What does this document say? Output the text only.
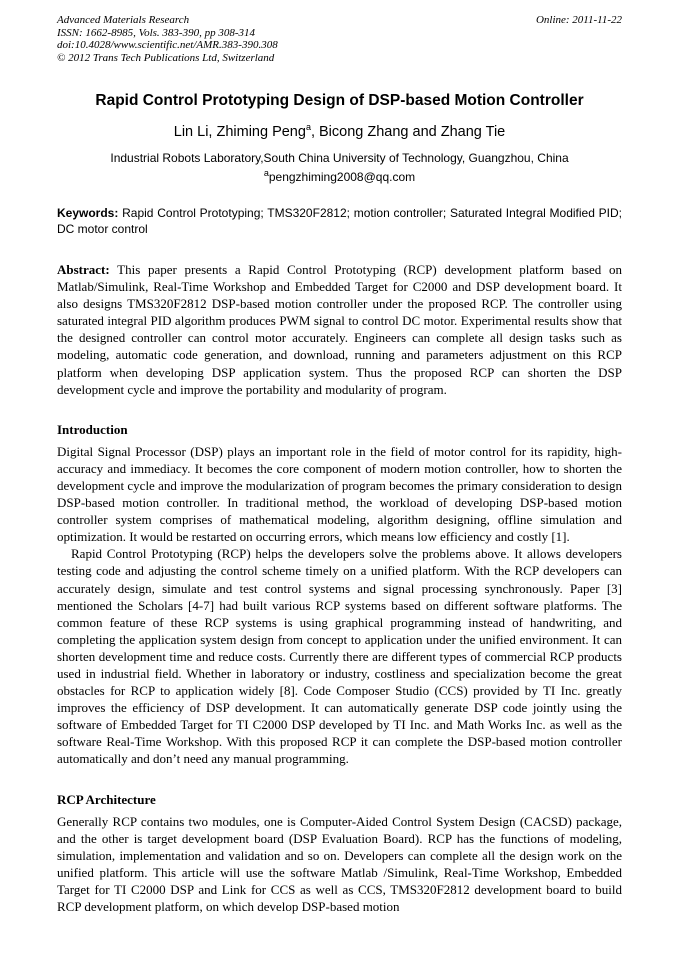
Advanced Materials Research
ISSN: 1662-8985, Vols. 383-390, pp 308-314
doi:10.4028/www.scientific.net/AMR.383-390.308
© 2012 Trans Tech Publications Ltd, Switzerland
Online: 2011-11-22
Rapid Control Prototyping Design of DSP-based Motion Controller
Lin Li, Zhiming Peng$^a$, Bicong Zhang and Zhang Tie
Industrial Robots Laboratory,South China University of Technology, Guangzhou, China
$^a$pengzhiming2008@qq.com
Keywords: Rapid Control Prototyping; TMS320F2812; motion controller; Saturated Integral Modified PID; DC motor control
Abstract: This paper presents a Rapid Control Prototyping (RCP) development platform based on Matlab/Simulink, Real-Time Workshop and Embedded Target for C2000 and DSP development board. It also designs TMS320F2812 DSP-based motion controller under the proposed RCP. The controller using saturated integral PID algorithm produces PWM signal to control DC motor. Experimental results show that the designed controller can control motor accurately. Engineers can complete all design tasks such as modeling, automatic code generation, and download, running and parameters adjustment on this RCP platform when developing DSP application system. Thus the proposed RCP can shorten the DSP development cycle and improve the portability and modularity of program.
Introduction

Digital Signal Processor (DSP) plays an important role in the field of motor control for its rapidity, high-accuracy and immediacy. It becomes the core component of modern motion controller, how to shorten the development cycle and improve the modularization of program becomes the primary consideration to design DSP-based motion controller. In traditional method, the workload of developing DSP-based motion controller system comprises of mathematical modeling, algorithm designing, offline simulation and optimization. It would be restarted on occurring errors, which means low efficiency and costly [1].

Rapid Control Prototyping (RCP) helps the developers solve the problems above. It allows developers testing code and adjusting the control scheme timely on a unified platform. With the RCP developers can accurately design, simulate and test control systems and signal processing synchronously. Paper [3] mentioned the Scholars [4-7] had built various RCP systems based on different software platforms. The common feature of these RCP systems is using graphical programming instead of handwriting, and completing the application system design from concept to application under the unified environment. It can shorten development time and reduce costs. Currently there are different types of commercial RCP products used in industrial field. Whether in laboratory or industry, costliness and specialization become the great obstacles for RCP to application widely [8]. Code Composer Studio (CCS) provided by TI Inc. greatly improves the efficiency of DSP development. It can automatically generate DSP code jointly using the software of Embedded Target for TI C2000 DSP developed by TI Inc. and Math Works Inc. as well as the software Real-Time Workshop. With this proposed RCP it can complete the DSP-based motion controller automatically and don’t need any manual programming.

RCP Architecture

Generally RCP contains two modules, one is Computer-Aided Control System Design (CACSD) package, and the other is target development board (DSP Evaluation Board). RCP has the functions of modeling, simulation, implementation and validation and so on. Developers can complete all the design work on the unified platform. This article will use the software Matlab /Simulink, Real-Time Workshop, Embedded Target for TI C2000 DSP and Link for CCS as well as CCS, TMS320F2812 development board to build RCP development platform, on which develop DSP-based motion
